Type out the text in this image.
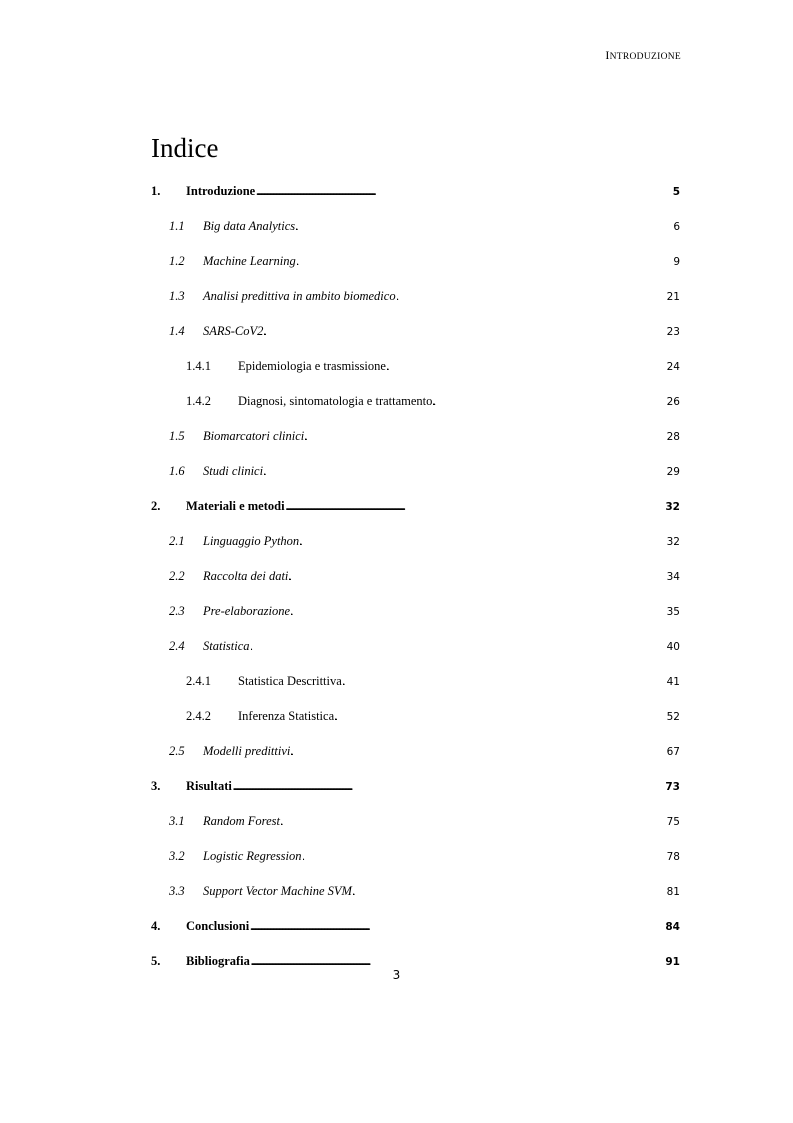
INTRODUZIONE
Indice
1. Introduzione . . .	5
1.1 Big data Analytics . . .	6
1.2 Machine Learning . . .	9
1.3 Analisi predittiva in ambito biomedico . . .	21
1.4 SARS-CoV2 . . .	23
1.4.1 Epidemiologia e trasmissione . . .	24
1.4.2 Diagnosi, sintomatologia e trattamento . . .	26
1.5 Biomarcatori clinici . . .	28
1.6 Studi clinici . . .	29
2. Materiali e metodi . . .	32
2.1 Linguaggio Python . . .	32
2.2 Raccolta dei dati . . .	34
2.3 Pre-elaborazione . . .	35
2.4 Statistica . . .	40
2.4.1 Statistica Descrittiva . . .	41
2.4.2 Inferenza Statistica . . .	52
2.5 Modelli predittivi . . .	67
3. Risultati . . .	73
3.1 Random Forest . . .	75
3.2 Logistic Regression . . .	78
3.3 Support Vector Machine SVM . . .	81
4. Conclusioni . . .	84
5. Bibliografia . . .	91
3
